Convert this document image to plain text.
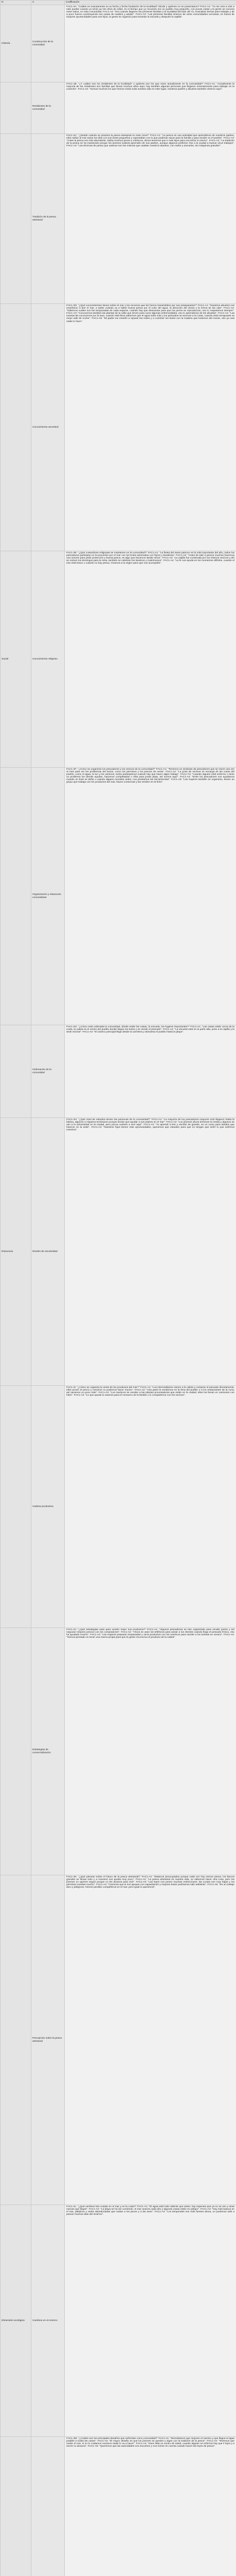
N	C	Codificación
Historia	Construcción de la comunidad	FAC1-2A: "Cuáles es exactamente su su fecha y fecha fundación de la localidad? dónde y quiénes no se presentaron? FAC1-A1: "Yo me vine a vivir a este pueblo cuando yo tenía ya mis años de edad, en el tiempo que yo recuerdo era un pueblo muy pequeño, con pocas casas y la gente se conocía entre todos, en esta comunidad; FAC1-A2: "Era cuando llegaron las primeras familias a la localidad del lado del río, buscaban tierras para trabajar y de a poco fueron construyendo sus casas de madera y adobe". FAC1-A3: "Las primeras familias vinieron de otras comunidades cercanas, en busca de mejores oportunidades para sus hijos, la gente se organizó para levantar la escuela y después la capilla".
	Residentes de la comunidad	FAC1-1B: "¿Y cuáles son los residentes de la localidad? o quiénes son los que viven actualmente en la comunidad?" FAC1-A1: "Actualmente la mayoría de los residentes son familias que llevan muchos años aquí, hay también algunas personas que llegaron recientemente para trabajar en la cosecha". FAC1-A2: "Somos muchos los que hemos vivido toda nuestra vida en este lugar, nuestros padres y abuelos también vivieron aquí".
	Tradición de la pesca artesanal	FAC1-2C: "¿Desde cuándo se practica la pesca artesanal en esta zona?" FAC1-A1: "La pesca es una actividad que aprendimos de nuestros padres, ellos salían al mar todos los días con sus botes pequeños y regresaban con lo que pudieran sacar para la familia y para vender en el pueblo". FAC1-A3: "Antes la pesca era más abundante, había muchos peces y mariscos, ahora tenemos que ir más lejos para encontrar lo mismo". FAC1-A2: "La tradición de la pesca se ha mantenido porque los jóvenes todavía aprenden de sus padres, aunque algunos prefieren irse a la ciudad a buscar otros trabajos". FAC1-A4: "Las técnicas de pesca que usamos son las mismas que usaban nuestros abuelos, con redes y anzuelos, sin máquinas grandes".
	Conocimiento ancestral	FAC1-2D: "¿Qué conocimientos tienen sobre el mar y los recursos que les fueron transmitidos por sus antepasados?" FAC1-A1: "Nuestros abuelos nos enseñaron a leer el mar, a saber cuándo va a haber buena pesca por el color del agua, la dirección del viento y la forma de las olas". FAC1-A2: "Sabemos cuáles son las temporadas de cada especie, cuándo hay que descansar para que los peces se reproduzcan, eso lo respetamos siempre". FAC1-A3: "Conocemos también las plantas de la orilla que sirven para curar algunas enfermedades, eso lo aprendimos de las abuelas". FAC1-A4: "Las mareas las conocemos por la luna, cuando está llena sabemos que el agua sube más y los pescados se acercan a la costa, cuando está menguante es mejor salir de noche". FAC1-A5: "Mi padre me enseñó a reparar las redes y a construir los botes con la madera que traíamos del monte, eso ya casi nadie lo hace".
Social	Conocimiento religioso	FAC1-2E: "¿Qué costumbres religiosas se mantienen en la comunidad?" FAC1-A1: "La fiesta del santo patrono es la más importante del año, todos los pescadores participan en la procesión por el mar con los botes adornados con flores y banderas". FAC1-A2: "Antes de salir a pescar muchos hacemos una oración para pedir protección y buena pesca, es algo que hacemos desde niños". FAC1-A3: "La capilla fue construida por los mismos vecinos y ahí se reúnen los domingos para la misa, también se celebran los bautizos y matrimonios". FAC1-A4: "La fe nos ayuda en los momentos difíciles, cuando el mar está bravo o cuando no hay pesca, rezamos a la virgen para que nos acompañe".
	Organización y relaciones comunitarias	FAC1-2F: "¿Cómo se organizan los pescadores y los vecinos de la comunidad?" FAC1-A1: "Tenemos un sindicato de pescadores que se reúne una vez al mes para ver los problemas del sector, como los permisos y los precios de venta". FAC1-A2: "La junta de vecinos se encarga de las cosas del pueblo, como el agua, la luz y los caminos, todos participamos cuando hay que hacer algún trabajo". FAC1-A3: "Cuando alguien está enfermo o tiene un problema los demás ayudan, hacemos completadas o rifas para juntar plata, así somos aquí". FAC1-A4: "Entre los pescadores nos ayudamos cuando un bote se daña o cuando alguien necesita redes, nos prestamos las herramientas". FAC1-A5: "Las mujeres también se organizan, tienen un grupo que trabaja con los productos del mar, hacen conservas y las venden en la feria".
	Ordenación de la comunidad	FAC1-2G: "¿Cómo está ordenada la comunidad, dónde están las casas, la escuela, los lugares importantes?" FAC1-A1: "Las casas están cerca de la costa, la caleta es el centro del pueblo donde llegan los botes y se vende el pescado". FAC1-A2: "La escuela está en la parte alta, junto a la capilla y la sede vecinal". FAC1-A3: "El camino principal llega desde la carretera y atraviesa el pueblo hasta la playa".
Estructura	Niveles de escolaridad	FAC1-2H: "¿Qué nivel de estudios tienen las personas de la comunidad?" FAC1-A1: "La mayoría de los pescadores mayores solo llegaron hasta la básica, algunos ni siquiera terminaron porque tenían que ayudar a sus padres en el mar". FAC1-A2: "Los jóvenes ahora terminan la media y algunos se van a la universidad en la ciudad, pero pocos vuelven a vivir aquí". FAC1-A3: "Yo aprendí a leer y escribir de grande, en un curso para adultos que hicieron en la sede". FAC1-A4: "Nuestros hijos tienen más oportunidades, queremos que estudien para que no tengan que sufrir lo que sufrimos nosotros".
	Cadena productiva	FAC1-2I: "¿Cómo se organiza la venta de los productos del mar?" FAC1-A1: "Los intermediarios vienen a la caleta y compran el pescado directamente, ellos ponen el precio y nosotros no podemos hacer mucho". FAC1-A2: "Una parte la vendemos en la feria del pueblo o a los restaurantes de la zona, así sacamos un poco más". FAC1-A3: "Los mariscos se venden a las plantas procesadoras que están en la ciudad, ellos los llevan en camiones con hielo". FAC1-A4: "Lo que queda lo usamos para el consumo de la familia o lo compartimos con los vecinos".
	Estrategias de comercialización	FAC1-2J: "¿Qué estrategias usan para vender mejor sus productos?" FAC1-A1: "Algunos pescadores se han organizado para vender juntos y así negociar mejores precios con los compradores". FAC1-A2: "Ahora se usan los teléfonos para avisar a los clientes cuando llega el pescado fresco, eso ha ayudado mucho". FAC1-A3: "Las mujeres preparan empanadas y otros productos con los mariscos para vender a los turistas en verano". FAC1-A4: "Hemos pensado en tener una marca propia para que la gente reconozca el producto de la caleta".
	Percepción sobre la pesca artesanal	FAC1-2K: "¿Qué piensan sobre el futuro de la pesca artesanal?" FAC1-A1: "Estamos preocupados porque cada vez hay menos pesca, los barcos grandes se llevan todo y a nosotros nos queda muy poco". FAC1-A2: "La pesca artesanal es nuestra vida, no sabemos hacer otra cosa, pero los jóvenes no quieren seguir porque no les alcanza para vivir". FAC1-A3: "Las leyes nos ponen muchas restricciones, las cuotas son muy bajas y los permisos cuestan mucho". FAC1-A4: "Creemos que si nos apoyan con capacitación y mejores botes podríamos salir adelante". FAC1-A5: "Es un trabajo duro y peligroso, hemos perdido compañeros en el mar, pero igual lo queremos".
Dimensión ecológica	Cambios en el entorno	FAC1-2L: "¿Qué cambios han notado en el mar y en la costa?" FAC1-A1: "El agua está más caliente que antes, hay especies que ya no se ven y otras nuevas que llegan". FAC1-A2: "La playa se ha ido comiendo, el mar avanza cada año y algunas casas están en peligro". FAC1-A3: "Hay más basura en el mar, plásticos y redes abandonadas que matan a los peces y a las aves". FAC1-A4: "Los temporales son más fuertes ahora, no podemos salir a pescar muchos días del invierno".
		FAC1-2M: "¿Cuáles son los principales desafíos que enfrentan como comunidad?" FAC1-A1: "Necesitamos que mejoren el camino y que llegue el agua potable a todas las casas". FAC1-A2: "El mayor desafío es que los jóvenes se queden y sigan con la tradición de la pesca". FAC1-A3: "Tenemos que cuidar el mar, si no lo cuidamos nosotros nadie lo va a hacer". FAC1-A4: "Hace falta un centro de salud, cuando alguien se enferma hay que ir lejos y a veces no alcanza". FAC1-A5: "Queremos que las autoridades nos escuchen y nos tomen en cuenta cuando hacen las leyes de pesca".
